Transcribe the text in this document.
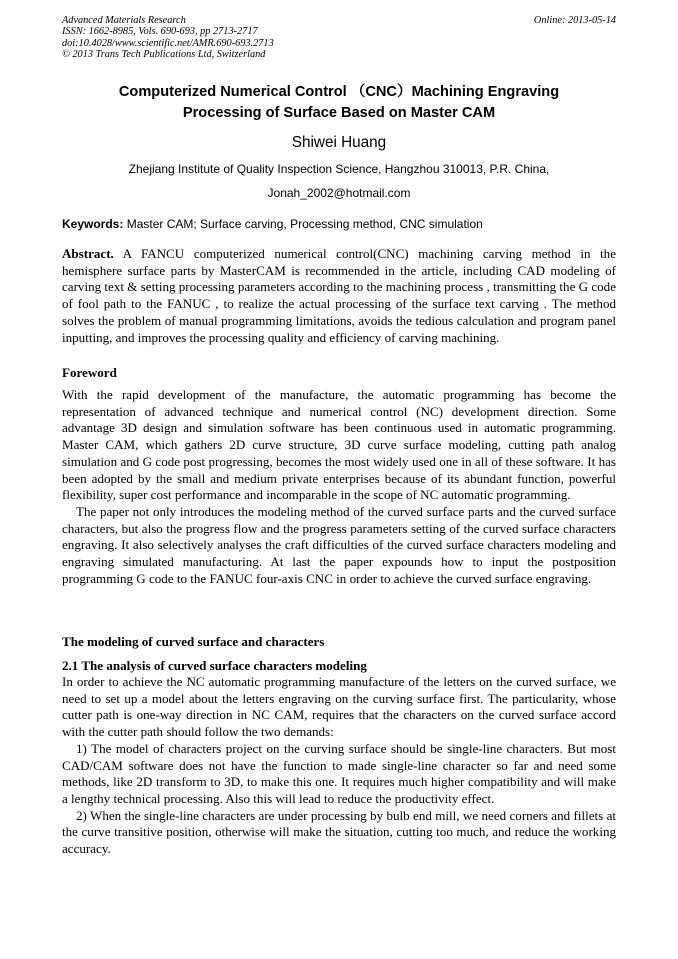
Advanced Materials Research
ISSN: 1662-8985, Vols. 690-693, pp 2713-2717
doi:10.4028/www.scientific.net/AMR.690-693.2713
© 2013 Trans Tech Publications Ltd, Switzerland
Online: 2013-05-14
Computerized Numerical Control （CNC）Machining Engraving
Processing of Surface Based on Master CAM
Shiwei Huang
Zhejiang Institute of Quality Inspection Science, Hangzhou 310013, P.R. China,
Jonah_2002@hotmail.com
Keywords: Master CAM; Surface carving, Processing method, CNC simulation
Abstract. A FANCU computerized numerical control(CNC) machining carving method in the hemisphere surface parts by MasterCAM is recommended in the article, including CAD modeling of carving text & setting processing parameters according to the machining process , transmitting the G code of fool path to the FANUC , to realize the actual processing of the surface text carving . The method solves the problem of manual programming limitations, avoids the tedious calculation and program panel inputting, and improves the processing quality and efficiency of carving machining.
Foreword

With the rapid development of the manufacture, the automatic programming has become the representation of advanced technique and numerical control (NC) development direction. Some advantage 3D design and simulation software has been continuous used in automatic programming. Master CAM, which gathers 2D curve structure, 3D curve surface modeling, cutting path analog simulation and G code post progressing, becomes the most widely used one in all of these software. It has been adopted by the small and medium private enterprises because of its abundant function, powerful flexibility, super cost performance and incomparable in the scope of NC automatic programming.

The paper not only introduces the modeling method of the curved surface parts and the curved surface characters, but also the progress flow and the progress parameters setting of the curved surface characters engraving. It also selectively analyses the craft difficulties of the curved surface characters modeling and engraving simulated manufacturing. At last the paper expounds how to input the postposition programming G code to the FANUC four-axis CNC in order to achieve the curved surface engraving.

The modeling of curved surface and characters
2.1 The analysis of curved surface characters modeling

In order to achieve the NC automatic programming manufacture of the letters on the curved surface, we need to set up a model about the letters engraving on the curving surface first. The particularity, whose cutter path is one-way direction in NC CAM, requires that the characters on the curved surface accord with the cutter path should follow the two demands:

1) The model of characters project on the curving surface should be single-line characters. But most CAD/CAM software does not have the function to made single-line character so far and need some methods, like 2D transform to 3D, to make this one. It requires much higher compatibility and will make a lengthy technical processing. Also this will lead to reduce the productivity effect.

2) When the single-line characters are under processing by bulb end mill, we need corners and fillets at the curve transitive position, otherwise will make the situation, cutting too much, and reduce the working accuracy.
